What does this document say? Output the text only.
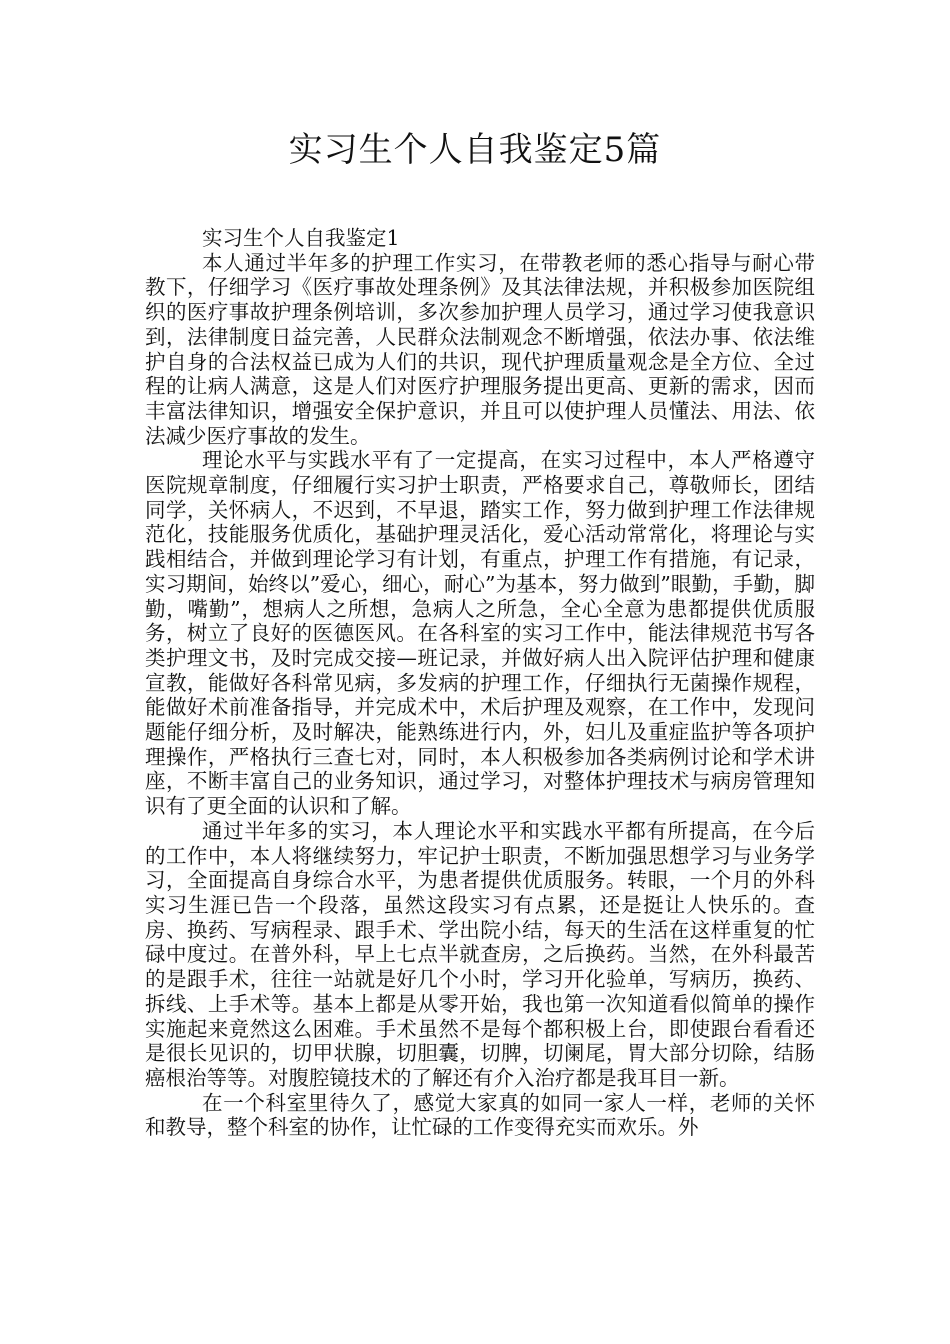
实习生个人自我鉴定5篇
实习生个人自我鉴定1

本人通过半年多的护理工作实习，在带教老师的悉心指导与耐心带教下，仔细学习《医疗事故处理条例》及其法律法规，并积极参加医院组织的医疗事故护理条例培训，多次参加护理人员学习，通过学习使我意识到，法律制度日益完善，人民群众法制观念不断增强，依法办事、依法维护自身的合法权益已成为人们的共识，现代护理质量观念是全方位、全过程的让病人满意，这是人们对医疗护理服务提出更高、更新的需求，因而丰富法律知识，增强安全保护意识，并且可以使护理人员懂法、用法、依法减少医疗事故的发生。

理论水平与实践水平有了一定提高，在实习过程中，本人严格遵守医院规章制度，仔细履行实习护士职责，严格要求自己，尊敬师长，团结同学，关怀病人，不迟到，不早退，踏实工作，努力做到护理工作法律规范化，技能服务优质化，基础护理灵活化，爱心活动常常化，将理论与实践相结合，并做到理论学习有计划，有重点，护理工作有措施，有记录，实习期间，始终以”爱心，细心，耐心”为基本，努力做到”眼勤，手勤，脚勤，嘴勤”，想病人之所想，急病人之所急，全心全意为患都提供优质服务，树立了良好的医德医风。在各科室的实习工作中，能法律规范书写各类护理文书，及时完成交接—班记录，并做好病人出入院评估护理和健康宣教，能做好各科常见病，多发病的护理工作，仔细执行无菌操作规程，能做好术前准备指导，并完成术中，术后护理及观察，在工作中，发现问题能仔细分析，及时解决，能熟练进行内，外，妇儿及重症监护等各项护理操作，严格执行三查七对，同时，本人积极参加各类病例讨论和学术讲座，不断丰富自己的业务知识，通过学习，对整体护理技术与病房管理知识有了更全面的认识和了解。

通过半年多的实习，本人理论水平和实践水平都有所提高，在今后的工作中，本人将继续努力，牢记护士职责，不断加强思想学习与业务学习，全面提高自身综合水平，为患者提供优质服务。转眼，一个月的外科实习生涯已告一个段落，虽然这段实习有点累，还是挺让人快乐的。查房、换药、写病程录、跟手术、学出院小结，每天的生活在这样重复的忙碌中度过。在普外科，早上七点半就查房，之后换药。当然，在外科最苦的是跟手术，往往一站就是好几个小时，学习开化验单，写病历，换药、拆线、上手术等。基本上都是从零开始，我也第一次知道看似简单的操作实施起来竟然这么困难。手术虽然不是每个都积极上台，即使跟台看看还是很长见识的，切甲状腺，切胆囊，切脾，切阑尾，胃大部分切除，结肠癌根治等等。对腹腔镜技术的了解还有介入治疗都是我耳目一新。

在一个科室里待久了，感觉大家真的如同一家人一样，老师的关怀和教导，整个科室的协作，让忙碌的工作变得充实而欢乐。外
